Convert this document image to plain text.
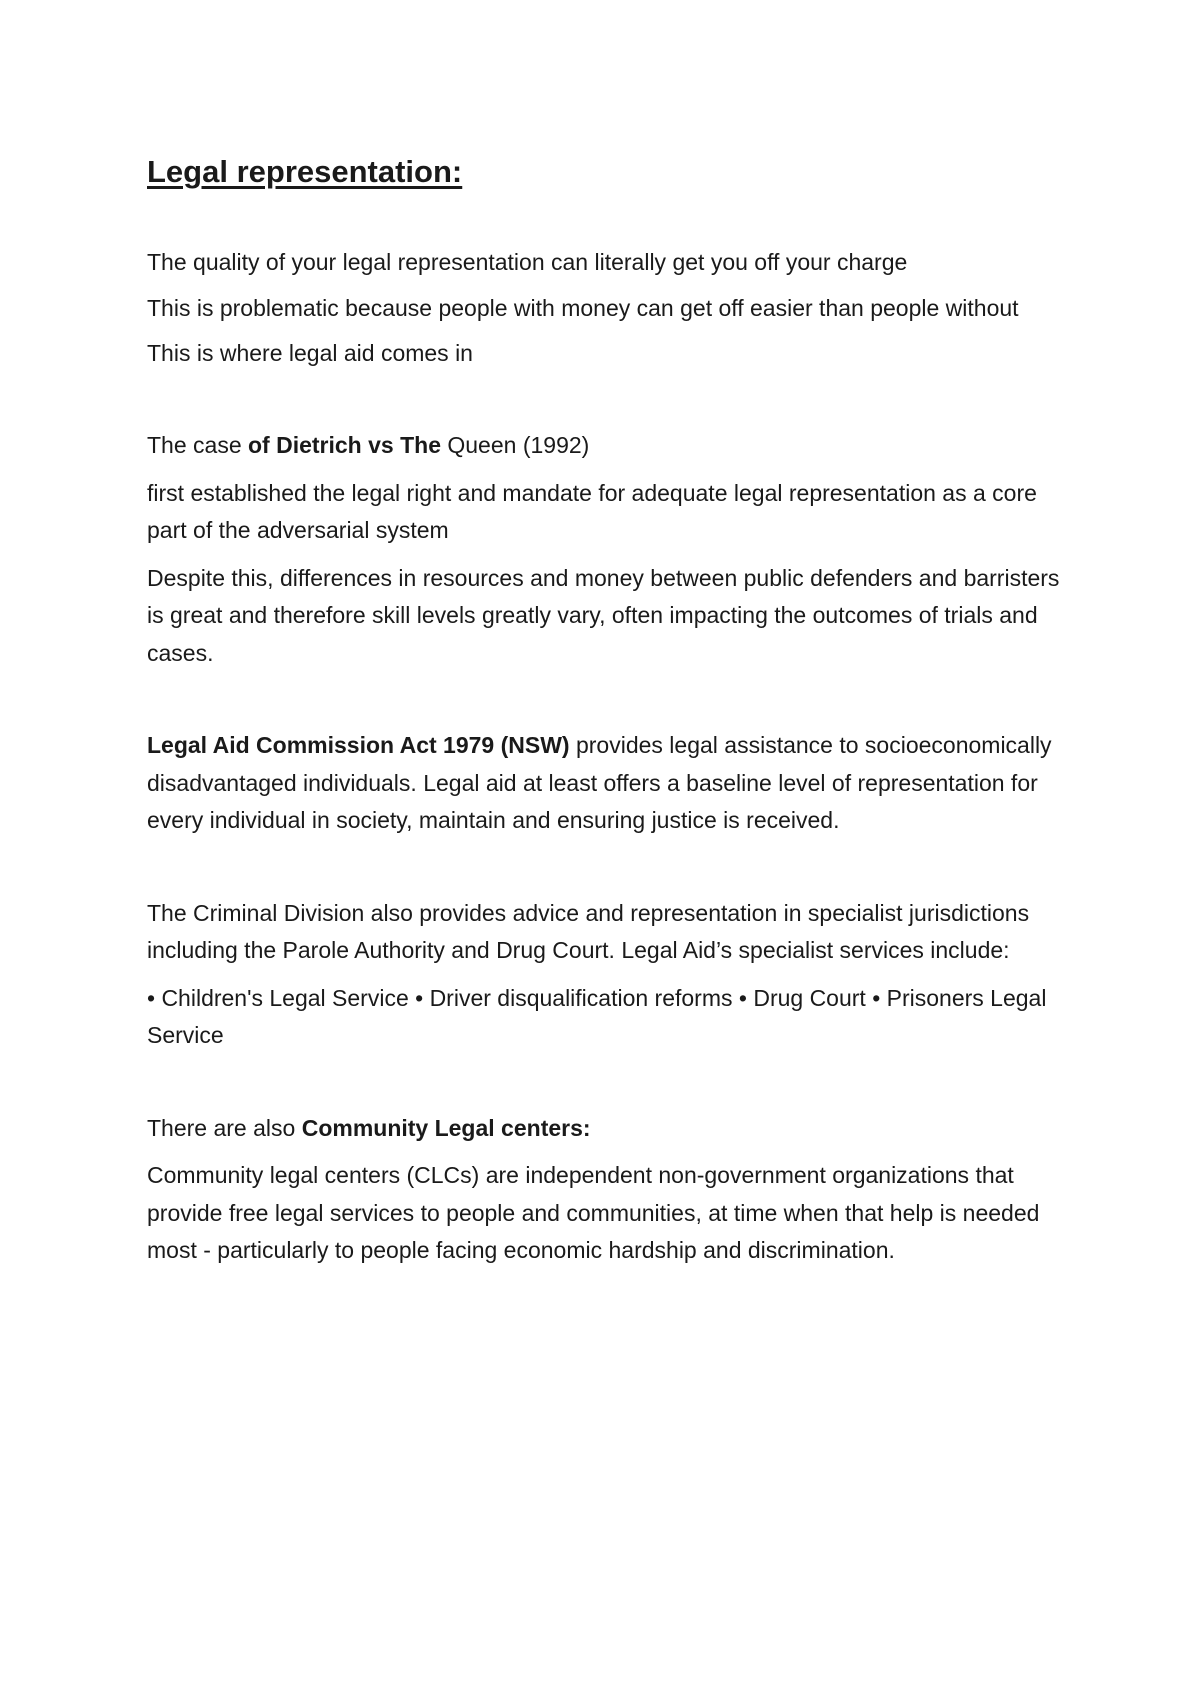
Legal representation:

The quality of your legal representation can literally get you off your charge

This is problematic because people with money can get off easier than people without

This is where legal aid comes in

The case of Dietrich vs The Queen (1992)

first established the legal right and mandate for adequate legal representation as a core part of the adversarial system

Despite this, differences in resources and money between public defenders and barristers is great and therefore skill levels greatly vary, often impacting the outcomes of trials and cases.

Legal Aid Commission Act 1979 (NSW) provides legal assistance to socioeconomically disadvantaged individuals. Legal aid at least offers a baseline level of representation for every individual in society, maintain and ensuring justice is received.

The Criminal Division also provides advice and representation in specialist jurisdictions including the Parole Authority and Drug Court. Legal Aid’s specialist services include:

• Children's Legal Service • Driver disqualification reforms • Drug Court • Prisoners Legal Service

There are also Community Legal centers:

Community legal centers (CLCs) are independent non-government organizations that provide free legal services to people and communities, at time when that help is needed most - particularly to people facing economic hardship and discrimination.
